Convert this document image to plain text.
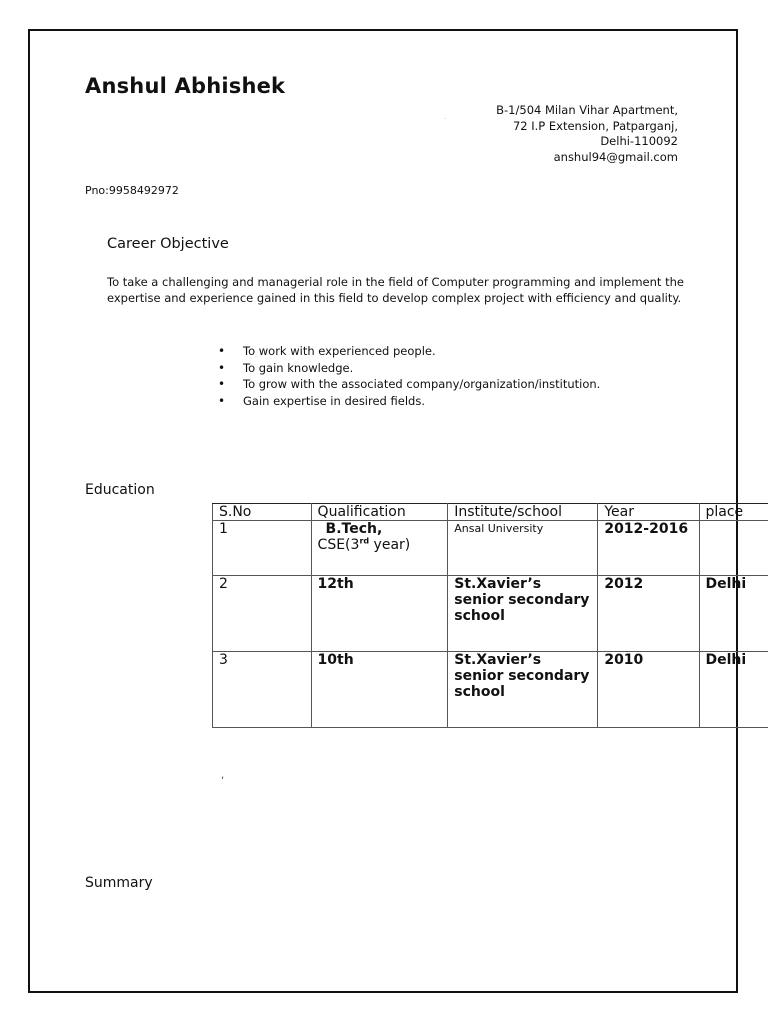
Anshul Abhishek
.	B-1/504 Milan Vihar Apartment,
72 I.P Extension, Patparganj,
Delhi-110092
anshul94@gmail.com
Pno:9958492972
Career Objective
To take a challenging and managerial role in the field of Computer programming and implement the expertise and experience gained in this field to develop complex project with efficiency and quality.
• To work with experienced people.
• To gain knowledge.
• To grow with the associated company/organization/institution.
• Gain expertise in desired fields.
Education
S.No	Qualification	Institute/school	Year	place
1	B.Tech,
CSE(3rd year)	Ansal University	2012-2016	
2	12th	St.Xavier’s senior secondary school	2012	Delhi
3	10th	St.Xavier’s senior secondary school	2010	Delhi
,
Summary
